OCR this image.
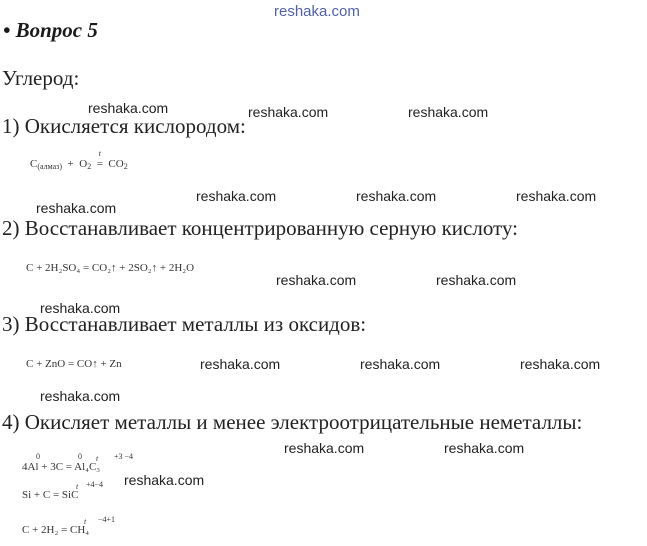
reshaka.com
reshaka.com	reshaka.com	reshaka.com
reshaka.com	reshaka.com	reshaka.com
reshaka.com
reshaka.com	reshaka.com
reshaka.com
reshaka.com	reshaka.com	reshaka.com
reshaka.com
reshaka.com	reshaka.com
reshaka.com
• Вопрос 5
Углерод:
1) Окисляется кислородом:
$C_{(алмаз)} + O_2$
t
= $CO_2$
2) Восстанавливает концентрированную серную кислоту:
C + 2H₂SO₄ = CO₂↑ + 2SO₂↑ + 2H₂O
3) Восстанавливает металлы из оксидов:
C + ZnO = CO↑ + Zn
4) Окисляет металлы и менее электроотрицательные неметаллы:
0	0 t +3 −4
4Al + 3C = Al₄C₃
t +4−4
Si + C = SiC
t −4+1
C + 2H₂ = CH₄
